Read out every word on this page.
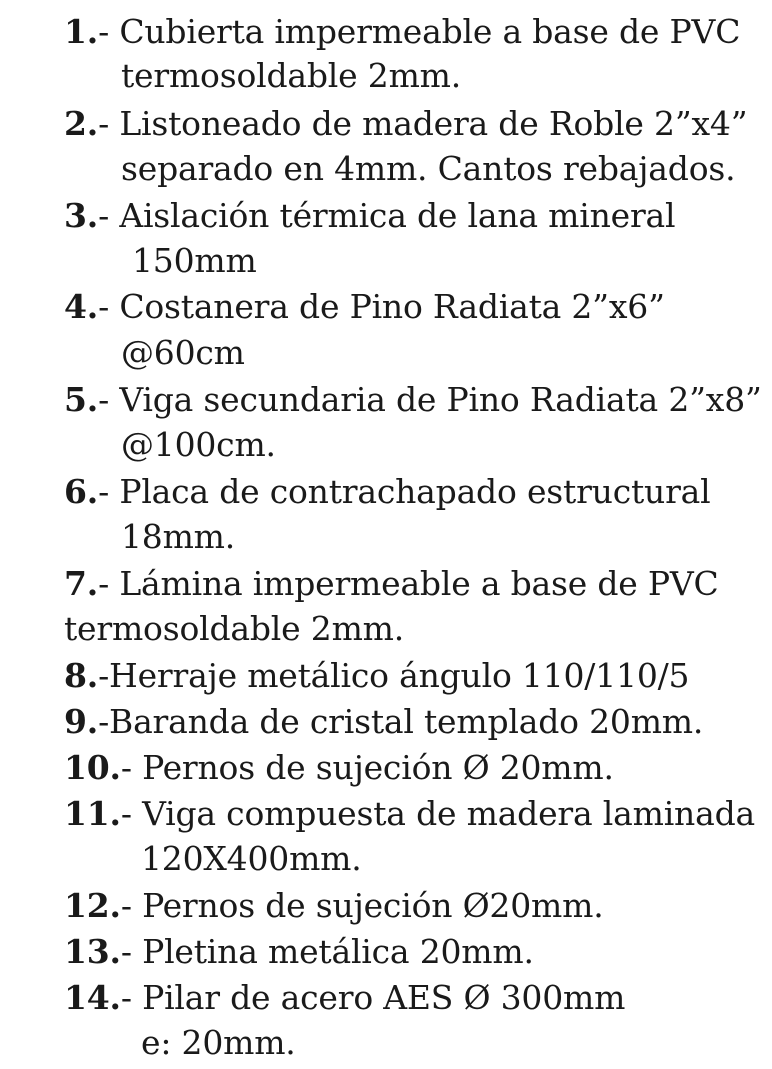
1.- Cubierta impermeable a base de PVC
termosoldable 2mm.
2.- Listoneado de madera de Roble 2”x4”
separado en 4mm. Cantos rebajados.
3.- Aislación térmica de lana mineral
150mm
4.- Costanera de Pino Radiata 2”x6”
@60cm
5.- Viga secundaria de Pino Radiata 2”x8”
@100cm.
6.- Placa de contrachapado estructural
18mm.
7.- Lámina impermeable a base de PVC
termosoldable 2mm.
8.-Herraje metálico ángulo 110/110/5
9.-Baranda de cristal templado 20mm.
10.- Pernos de sujeción Ø 20mm.
11.- Viga compuesta de madera laminada
120X400mm.
12.- Pernos de sujeción Ø20mm.
13.- Pletina metálica 20mm.
14.- Pilar de acero AES Ø 300mm
e: 20mm.
